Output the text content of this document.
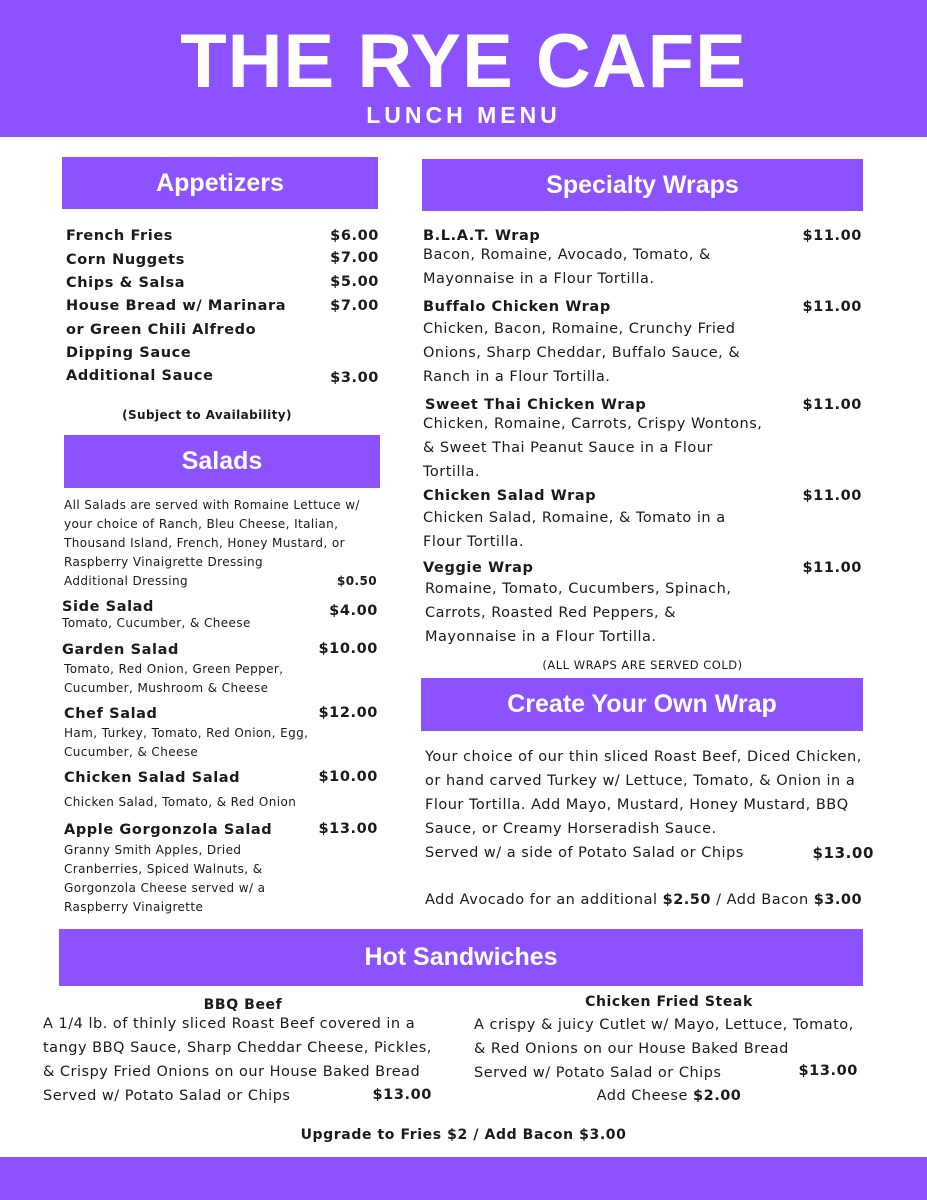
THE RYE CAFE
LUNCH MENU
Appetizers
French Fries	$6.00
Corn Nuggets	$7.00
Chips & Salsa	$5.00
House Bread w/ Marinara	$7.00
or Green Chili Alfredo
Dipping Sauce
Additional Sauce	$3.00
(Subject to Availability)
Salads
All Salads are served with Romaine Lettuce w/
your choice of Ranch, Bleu Cheese, Italian,
Thousand Island, French, Honey Mustard, or
Raspberry Vinaigrette Dressing
Additional Dressing	$0.50
Side Salad	$4.00
Tomato, Cucumber, & Cheese
Garden Salad	$10.00
Tomato, Red Onion, Green Pepper,
Cucumber, Mushroom & Cheese
Chef Salad	$12.00
Ham, Turkey, Tomato, Red Onion, Egg,
Cucumber, & Cheese
Chicken Salad Salad	$10.00
Chicken Salad, Tomato, & Red Onion
Apple Gorgonzola Salad	$13.00
Granny Smith Apples, Dried
Cranberries, Spiced Walnuts, &
Gorgonzola Cheese served w/ a
Raspberry Vinaigrette
Specialty Wraps
B.L.A.T. Wrap	$11.00
Bacon, Romaine, Avocado, Tomato, &
Mayonnaise in a Flour Tortilla.
Buffalo Chicken Wrap	$11.00
Chicken, Bacon, Romaine, Crunchy Fried
Onions, Sharp Cheddar, Buffalo Sauce, &
Ranch in a Flour Tortilla.
Sweet Thai Chicken Wrap	$11.00
Chicken, Romaine, Carrots, Crispy Wontons,
& Sweet Thai Peanut Sauce in a Flour
Tortilla.
Chicken Salad Wrap	$11.00
Chicken Salad, Romaine, & Tomato in a
Flour Tortilla.
Veggie Wrap	$11.00
Romaine, Tomato, Cucumbers, Spinach,
Carrots, Roasted Red Peppers, &
Mayonnaise in a Flour Tortilla.
(ALL WRAPS ARE SERVED COLD)
Create Your Own Wrap
Your choice of our thin sliced Roast Beef, Diced Chicken,
or hand carved Turkey w/ Lettuce, Tomato, & Onion in a
Flour Tortilla. Add Mayo, Mustard, Honey Mustard, BBQ
Sauce, or Creamy Horseradish Sauce.
Served w/ a side of Potato Salad or Chips	$13.00
Add Avocado for an additional $2.50 / Add Bacon $3.00
Hot Sandwiches
BBQ Beef
A 1/4 lb. of thinly sliced Roast Beef covered in a
tangy BBQ Sauce, Sharp Cheddar Cheese, Pickles,
& Crispy Fried Onions on our House Baked Bread
Served w/ Potato Salad or Chips	$13.00
Chicken Fried Steak
A crispy & juicy Cutlet w/ Mayo, Lettuce, Tomato,
& Red Onions on our House Baked Bread
Served w/ Potato Salad or Chips	$13.00
Add Cheese $2.00
Upgrade to Fries $2 / Add Bacon $3.00
